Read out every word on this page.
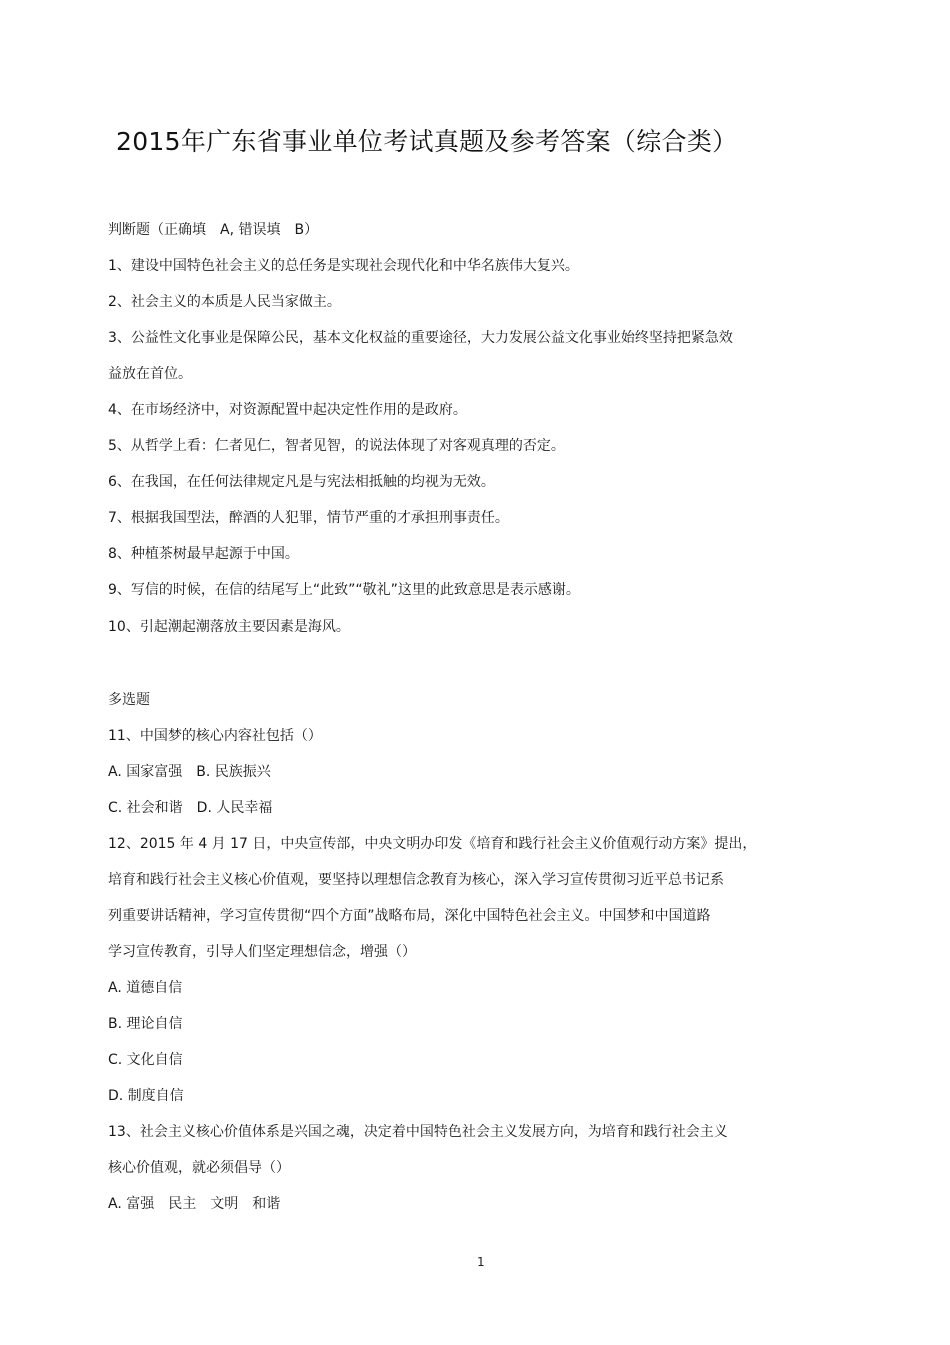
2015年广东省事业单位考试真题及参考答案（综合类）
判断题（正确填　A, 错误填　B）
1、建设中国特色社会主义的总任务是实现社会现代化和中华名族伟大复兴。
2、社会主义的本质是人民当家做主。
3、公益性文化事业是保障公民，基本文化权益的重要途径，大力发展公益文化事业始终坚持把紧急效
益放在首位。
4、在市场经济中，对资源配置中起决定性作用的是政府。
5、从哲学上看：仁者见仁，智者见智，的说法体现了对客观真理的否定。
6、在我国，在任何法律规定凡是与宪法相抵触的均视为无效。
7、根据我国型法，醉酒的人犯罪，情节严重的才承担刑事责任。
8、种植茶树最早起源于中国。
9、写信的时候，在信的结尾写上“此致”“敬礼”这里的此致意思是表示感谢。
10、引起潮起潮落放主要因素是海风。
多选题
11、中国梦的核心内容社包括（）
A. 国家富强　B. 民族振兴
C. 社会和谐　D. 人民幸福
12、2015 年 4 月 17 日，中央宣传部，中央文明办印发《培育和践行社会主义价值观行动方案》提出，
培育和践行社会主义核心价值观，要坚持以理想信念教育为核心，深入学习宣传贯彻习近平总书记系
列重要讲话精神，学习宣传贯彻“四个方面”战略布局，深化中国特色社会主义。中国梦和中国道路
学习宣传教育，引导人们坚定理想信念，增强（）
A. 道德自信
B. 理论自信
C. 文化自信
D. 制度自信
13、社会主义核心价值体系是兴国之魂，决定着中国特色社会主义发展方向，为培育和践行社会主义
核心价值观，就必须倡导（）
A. 富强　民主　文明　和谐
1
